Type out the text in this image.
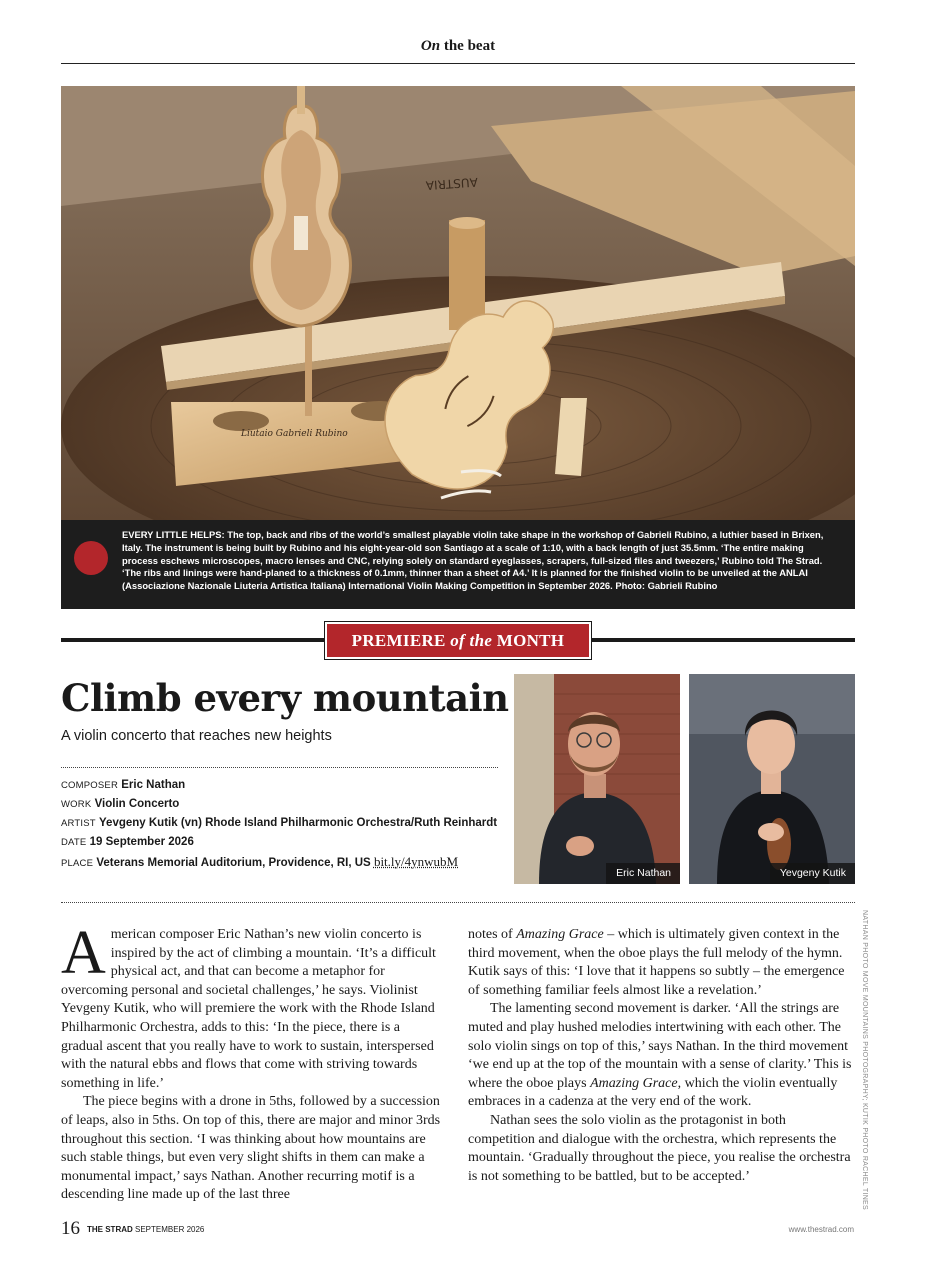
On the beat
AUSTRIA
Liutaio Gabrieli Rubino
EVERY LITTLE HELPS: The top, back and ribs of the world’s smallest playable violin take shape in the workshop of Gabrieli Rubino, a luthier based in Brixen, Italy. The instrument is being built by Rubino and his eight-year-old son Santiago at a scale of 1:10, with a back length of just 35.5mm. ‘The entire making process eschews microscopes, macro lenses and CNC, relying solely on standard eyeglasses, scrapers, full-sized files and tweezers,’ Rubino told The Strad. ‘The ribs and linings were hand-planed to a thickness of 0.1mm, thinner than a sheet of A4.’ It is planned for the finished violin to be unveiled at the ANLAI (Associazione Nazionale Liuteria Artistica Italiana) International Violin Making Competition in September 2026. Photo: Gabrieli Rubino
PREMIERE of the MONTH
Climb every mountain
A violin concerto that reaches new heights
COMPOSER Eric Nathan
WORK Violin Concerto
ARTIST Yevgeny Kutik (vn) Rhode Island Philharmonic Orchestra/Ruth Reinhardt
DATE 19 September 2026
PLACE Veterans Memorial Auditorium, Providence, RI, US bit.ly/4ynwubM
Eric Nathan	Yevgeny Kutik

American composer Eric Nathan’s new violin concerto is inspired by the act of climbing a mountain. ‘It’s a difficult physical act, and that can become a metaphor for overcoming personal and societal challenges,’ he says. Violinist Yevgeny Kutik, who will premiere the work with the Rhode Island Philharmonic Orchestra, adds to this: ‘In the piece, there is a gradual ascent that you really have to work to sustain, interspersed with the natural ebbs and flows that come with striving towards something in life.’

The piece begins with a drone in 5ths, followed by a succession of leaps, also in 5ths. On top of this, there are major and minor 3rds throughout this section. ‘I was thinking about how mountains are such stable things, but even very slight shifts in them can make a monumental impact,’ says Nathan. Another recurring motif is a descending line made up of the last three

notes of Amazing Grace – which is ultimately given context in the third movement, when the oboe plays the full melody of the hymn. Kutik says of this: ‘I love that it happens so subtly – the emergence of something familiar feels almost like a revelation.’

The lamenting second movement is darker. ‘All the strings are muted and play hushed melodies intertwining with each other. The solo violin sings on top of this,’ says Nathan. In the third movement ‘we end up at the top of the mountain with a sense of clarity.’ This is where the oboe plays Amazing Grace, which the violin eventually embraces in a cadenza at the very end of the work.

Nathan sees the solo violin as the protagonist in both competition and dialogue with the orchestra, which represents the mountain. ‘Gradually throughout the piece, you realise the orchestra is not something to be battled, but to be accepted.’	NATHAN PHOTO MOVE MOUNTAINS PHOTOGRAPHY; KUTIK PHOTO RACHEL TINES
16 THE STRAD SEPTEMBER 2026	www.thestrad.com
